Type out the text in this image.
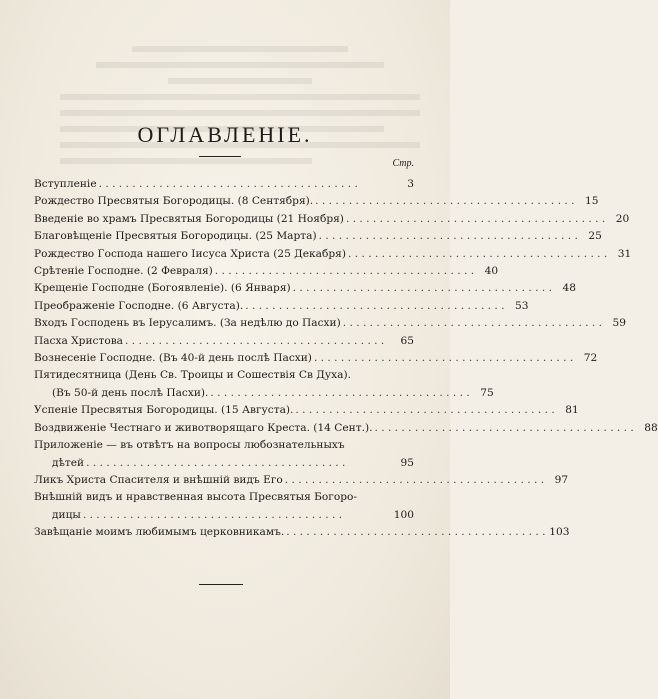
ОГЛАВЛЕНІЕ.
Стр.
Вступленіе . . .	3
Рождество Пресвятыя Богородицы. (8 Сентября). . . .	15
Введеніе во храмъ Пресвятыя Богородицы (21 Ноября) . . .	20
Благовѣщеніе Пресвятыя Богородицы. (25 Марта) . . .	25
Рождество Господа нашего Іисуса Христа (25 Декабря) . . .	31
Срѣтеніе Господне. (2 Февраля) . . .	40
Крещеніе Господне (Богоявленіе). (6 Января) . . .	48
Преображеніе Господне. (6 Августа). . . .	53
Входъ Господень въ Іерусалимъ. (За недѣлю до Пасхи) . . .	59
Пасха Христова . . .	65
Вознесеніе Господне. (Въ 40-й день послѣ Пасхи) . . .	72
Пятидесятница (День Св. Троицы и Сошествія Св Духа).
(Въ 50-й день послѣ Пасхи). . . .	75
Успеніе Пресвятыя Богородицы. (15 Августа). . . .	81
Воздвиженіе Честнаго и животворящаго Креста. (14 Сент.). . . .	88
Приложеніе — въ отвѣтъ на вопросы любознательныхъ
дѣтей . . .	95
Ликъ Христа Спасителя и внѣшній видъ Его . . .	97
Внѣшній видъ и нравственная высота Пресвятыя Богоро-
дицы . . .	100
Завѣщаніе моимъ любимымъ церковникамъ. . . .	103
